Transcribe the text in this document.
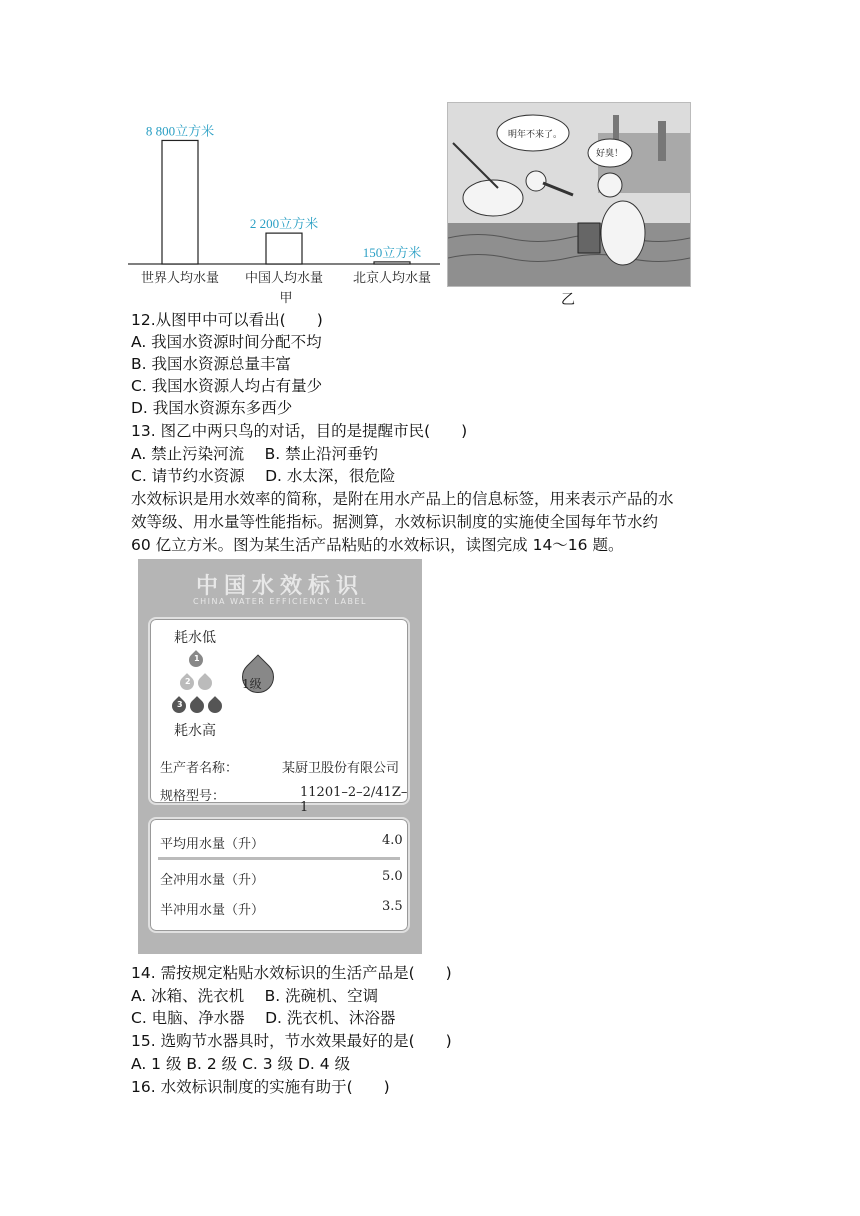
8 800立方米
2 200立方米
150立方米
世界人均水量 中国人均水量 北京人均水量
甲
明年不来了。
好臭！
乙
12.从图甲中可以看出(　　)
A. 我国水资源时间分配不均
B. 我国水资源总量丰富
C. 我国水资源人均占有量少
D. 我国水资源东多西少
13. 图乙中两只鸟的对话，目的是提醒市民(　　)
A. 禁止污染河流　 B. 禁止沿河垂钓
C. 请节约水资源　 D. 水太深，很危险
水效标识是用水效率的简称，是附在用水产品上的信息标签，用来表示产品的水
效等级、用水量等性能指标。据测算，水效标识制度的实施使全国每年节水约
60 亿立方米。图为某生活产品粘贴的水效标识，读图完成 14～16 题。
中国水效标识
CHINA WATER EFFICIENCY LABEL
耗水低
1
2
3
1级
耗水高
生产者名称：	某厨卫股份有限公司
规格型号：	11201–2–2/41Z–1
平均用水量（升）	4.0
全冲用水量（升）	5.0
半冲用水量（升）	3.5
14. 需按规定粘贴水效标识的生活产品是(　　)
A. 冰箱、洗衣机　 B. 洗碗机、空调
C. 电脑、净水器　 D. 洗衣机、沐浴器
15. 选购节水器具时，节水效果最好的是(　　)
A. 1 级 B. 2 级 C. 3 级 D. 4 级
16. 水效标识制度的实施有助于(　　)
